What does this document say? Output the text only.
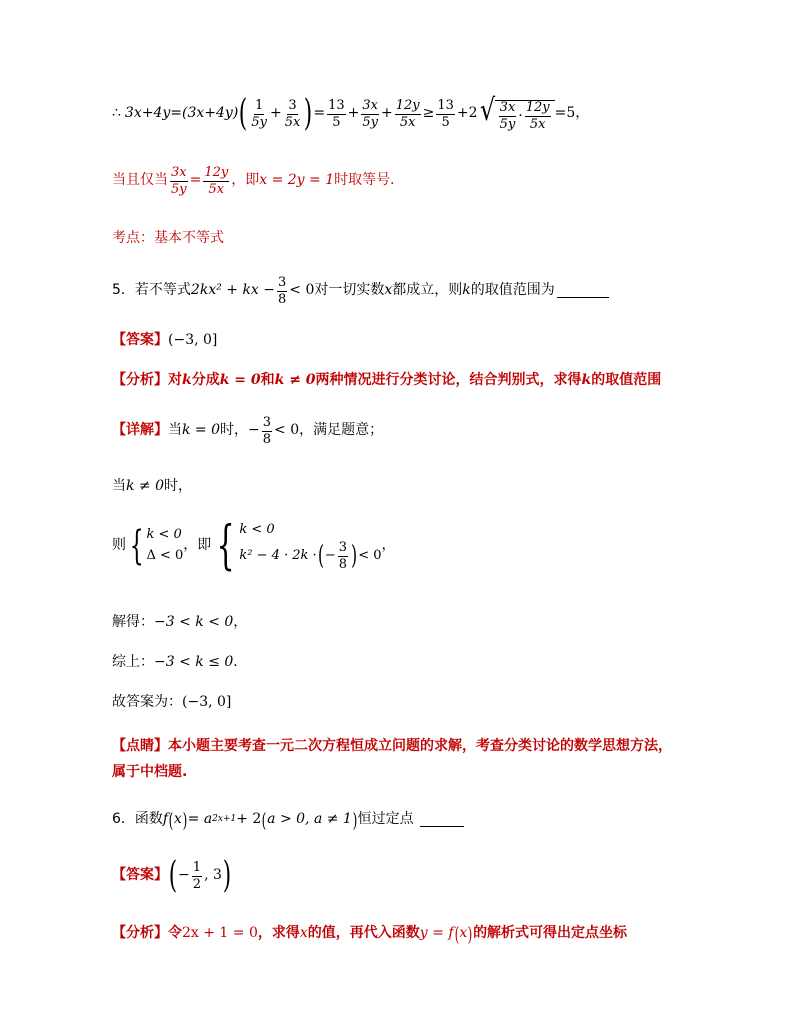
∴ 3x+4y= (3x+4y) ( $\frac{1}{5y} + \frac{3}{5x}$ ) = $\frac{13}{5} + \frac{3x}{5y} + \frac{12y}{5x} \ge \frac{13}{5} +2$ √ $\frac{3x}{5y} \cdot \frac{12y}{5x} =5$，
当且仅当 $\frac{3x}{5y} = \frac{12y}{5x}$ ，即 x = 2y = 1 时取等号．
考点：基本不等式
5．若不等式 2kx² + kx − $\frac{3}{8} < 0$ 对一切实数 x 都成立，则 k 的取值范围为
【答案】 (−3, 0]
【分析】 对 k 分成 k = 0 和 k ≠ 0 两种情况进行分类讨论，结合判别式，求得 k 的取值范围
【详解】 当 k = 0 时， − $\frac{3}{8} < 0$ ，满足题意；
当 k ≠ 0 时，
则 { k < 0
Δ < 0
，即 { k < 0
k² − 4 · 2k · ( − $\frac{3}{8}$ ) < 0
，
解得： −3 < k < 0 ，
综上： −3 < k ≤ 0 ．
故答案为： (−3, 0]
【点睛】 本小题主要考查一元二次方程恒成立问题的求解，考查分类讨论的数学思想方法，
属于中档题.
6．函数 f ( x ) = a 2x+1 + 2 ( a > 0, a ≠ 1 ) 恒过定点
【答案】 ( − $\frac{1}{2}$ , 3 )
【分析】 令 2x + 1 = 0 ，求得 x 的值，再代入函数 y = f ( x ) 的解析式可得出定点坐标
